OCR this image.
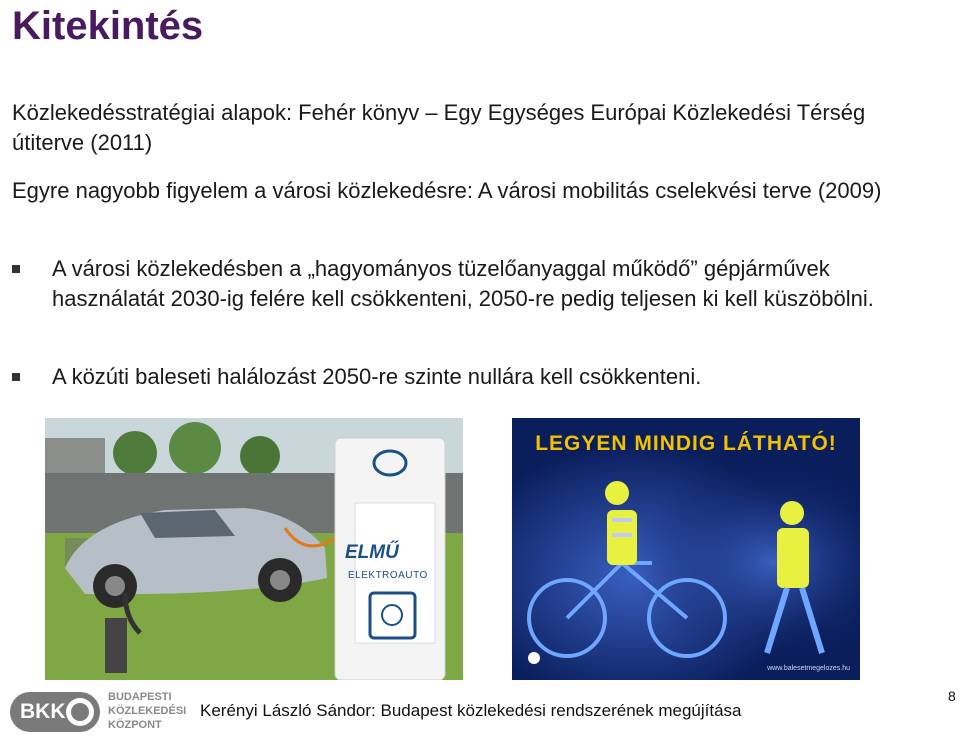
Kitekintés

Közlekedésstratégiai alapok: Fehér könyv – Egy Egységes Európai Közlekedési Térség útiterve (2011)

Egyre nagyobb figyelem a városi közlekedésre: A városi mobilitás cselekvési terve (2009)

A városi közlekedésben a „hagyományos tüzelőanyaggal működő” gépjárművek használatát 2030-ig felére kell csökkenteni, 2050-re pedig teljesen ki kell küszöbölni.
A közúti baleseti halálozást 2050-re szinte nullára kell csökkenteni.
ELMŰ
ELEKTROAUTO
LEGYEN MINDIG LÁTHATÓ!
www.balesetmegelozes.hu
BKK
BUDAPESTI
KÖZLEKEDÉSI
KÖZPONT
Kerényi László Sándor: Budapest közlekedési rendszerének megújítása
8
